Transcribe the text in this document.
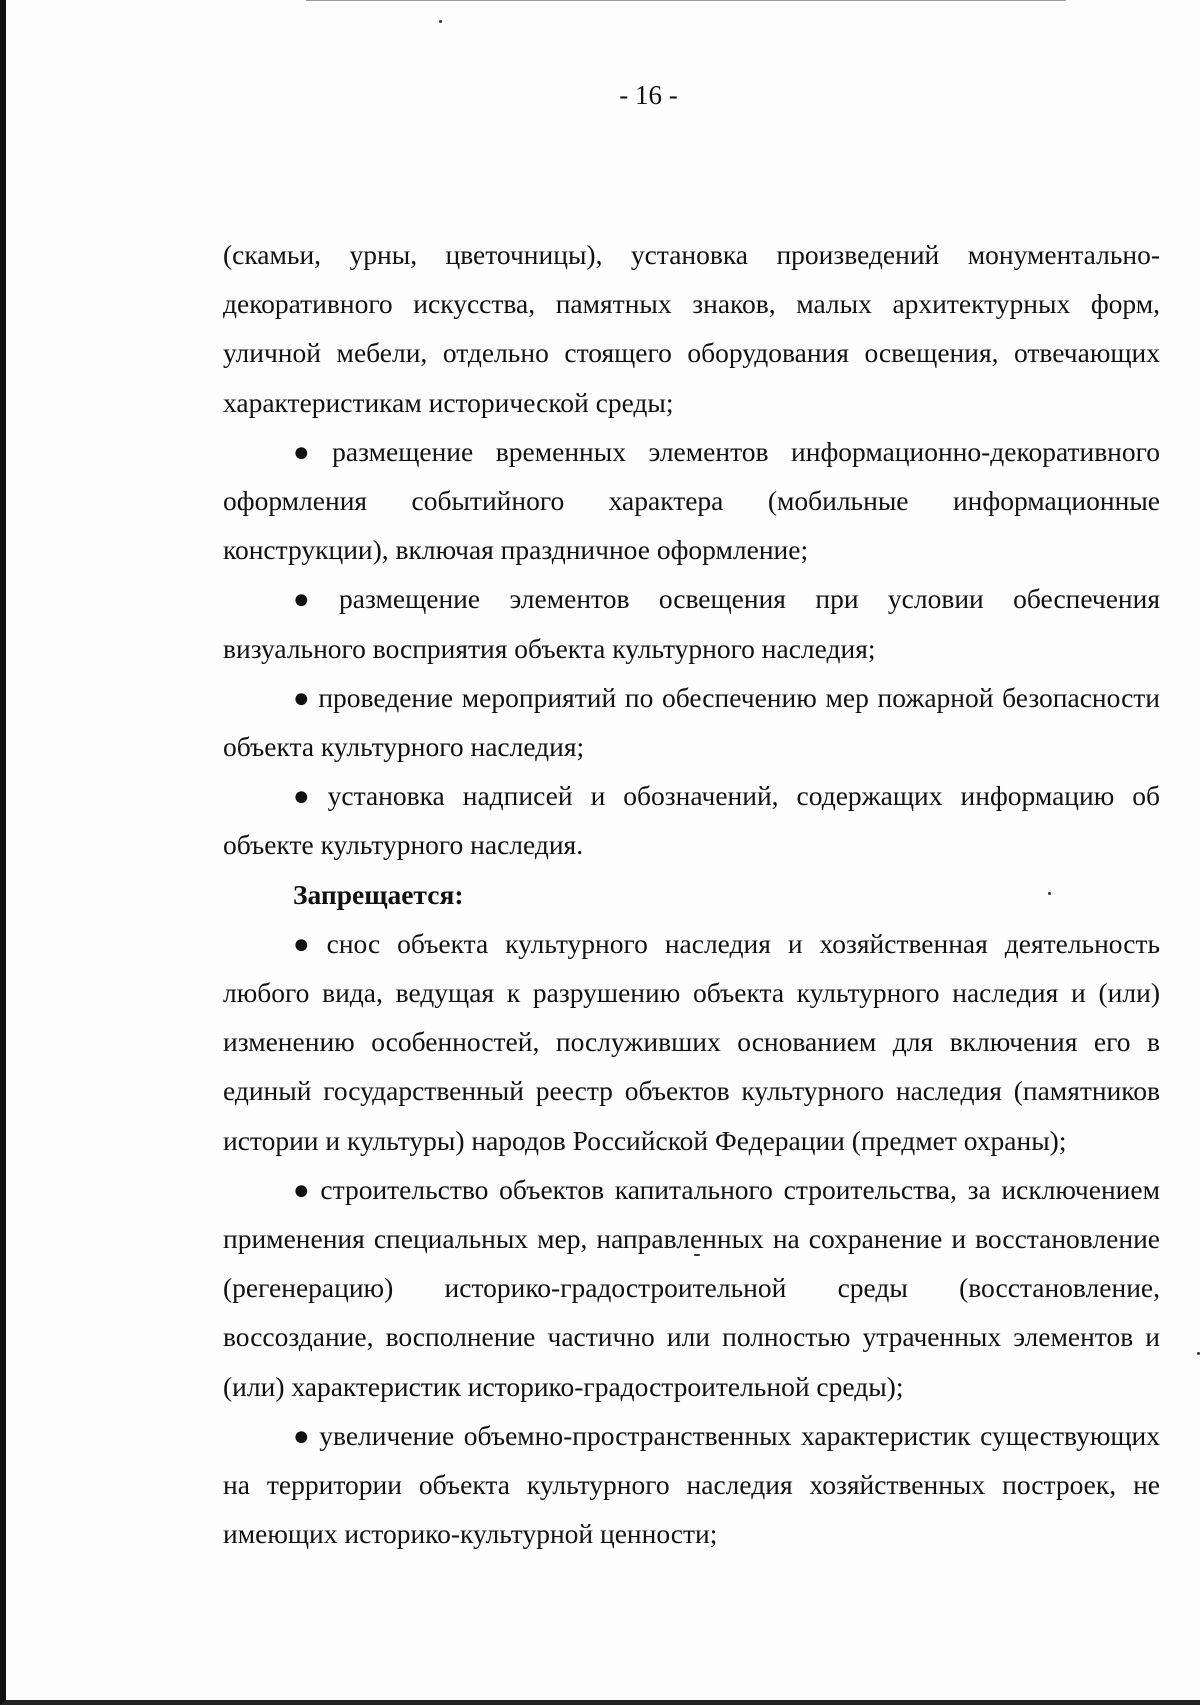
- 16 -

(скамьи, урны, цветочницы), установка произведений монументально-декоративного искусства, памятных знаков, малых архитектурных форм, уличной мебели, отдельно стоящего оборудования освещения, отвечающих характеристикам исторической среды;

● размещение временных элементов информационно-декоративного оформления событийного характера (мобильные информационные конструкции), включая праздничное оформление;

● размещение элементов освещения при условии обеспечения визуального восприятия объекта культурного наследия;

● проведение мероприятий по обеспечению мер пожарной безопасности объекта культурного наследия;

● установка надписей и обозначений, содержащих информацию об объекте культурного наследия.

Запрещается:

● снос объекта культурного наследия и хозяйственная деятельность любого вида, ведущая к разрушению объекта культурного наследия и (или) изменению особенностей, послуживших основанием для включения его в единый государственный реестр объектов культурного наследия (памятников истории и культуры) народов Российской Федерации (предмет охраны);

● строительство объектов капитального строительства, за исключением применения специальных мер, направленных на сохранение и восстановление (регенерацию) историко-градостроительной среды (восстановление, воссоздание, восполнение частично или полностью утраченных элементов и (или) характеристик историко-градостроительной среды);

● увеличение объемно-пространственных характеристик существующих на территории объекта культурного наследия хозяйственных построек, не имеющих историко-культурной ценности;
